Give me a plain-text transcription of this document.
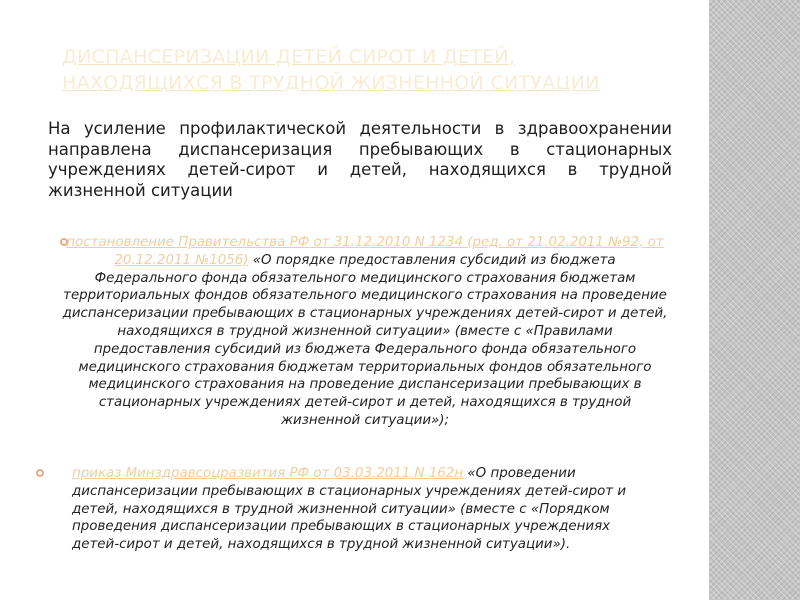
ДИСПАНСЕРИЗАЦИИ ДЕТЕЙ СИРОТ И ДЕТЕЙ, НАХОДЯЩИХСЯ В ТРУДНОЙ ЖИЗНЕННОЙ СИТУАЦИИ

На усиление профилактической деятельности в здравоохранении направлена диспансеризация пребывающих в стационарных учреждениях детей-сирот и детей, находящихся в трудной жизненной ситуации

постановление Правительства РФ от 31.12.2010 N 1234 (ред. от 21.02.2011 №92, от 20.12.2011 №1056) «О порядке предоставления субсидий из бюджета Федерального фонда обязательного медицинского страхования бюджетам территориальных фондов обязательного медицинского страхования на проведение диспансеризации пребывающих в стационарных учреждениях детей-сирот и детей, находящихся в трудной жизненной ситуации» (вместе с «Правилами предоставления субсидий из бюджета Федерального фонда обязательного медицинского страхования бюджетам территориальных фондов обязательного медицинского страхования на проведение диспансеризации пребывающих в стационарных учреждениях детей-сирот и детей, находящихся в трудной жизненной ситуации»);

приказ Минздравсоцразвития РФ от 03.03.2011 N 162н «О проведении диспансеризации пребывающих в стационарных учреждениях детей-сирот и детей, находящихся в трудной жизненной ситуации» (вместе с «Порядком проведения диспансеризации пребывающих в стационарных учреждениях детей-сирот и детей, находящихся в трудной жизненной ситуации»).
